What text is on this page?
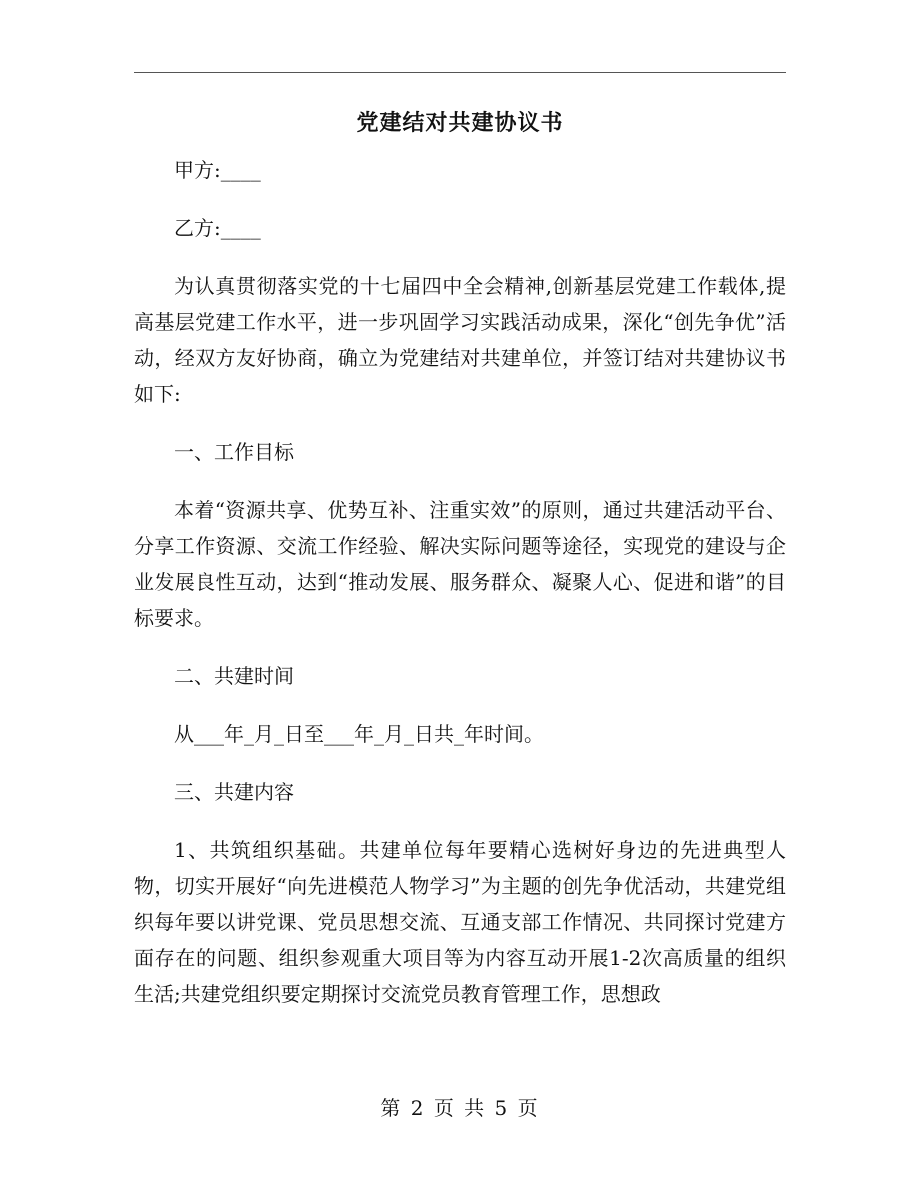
党建结对共建协议书

甲方:____

乙方:____

为认真贯彻落实党的十七届四中全会精神,创新基层党建工作载体,提高基层党建工作水平，进一步巩固学习实践活动成果，深化“创先争优”活动，经双方友好协商，确立为党建结对共建单位，并签订结对共建协议书如下:

一、工作目标

本着“资源共享、优势互补、注重实效”的原则，通过共建活动平台、分享工作资源、交流工作经验、解决实际问题等途径，实现党的建设与企业发展良性互动，达到“推动发展、服务群众、凝聚人心、促进和谐”的目标要求。

二、共建时间

从___年_月_日至___年_月_日共_年时间。

三、共建内容

1、共筑组织基础。共建单位每年要精心选树好身边的先进典型人物，切实开展好“向先进模范人物学习”为主题的创先争优活动，共建党组织每年要以讲党课、党员思想交流、互通支部工作情况、共同探讨党建方面存在的问题、组织参观重大项目等为内容互动开展1-2次高质量的组织生活;共建党组织要定期探讨交流党员教育管理工作，思想政

第 2 页 共 5 页
